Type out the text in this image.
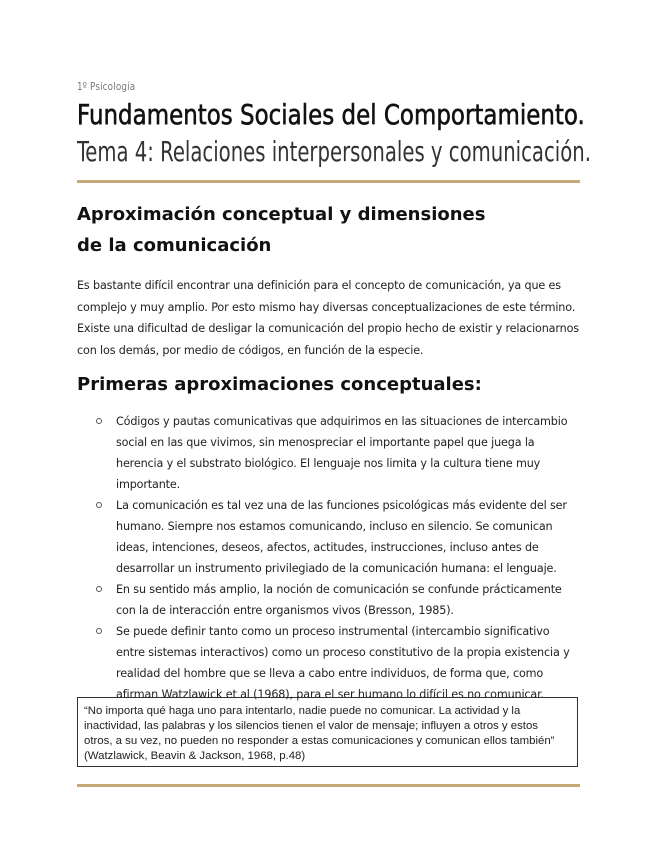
1º Psicología
Fundamentos Sociales del Comportamiento.
Tema 4: Relaciones interpersonales y comunicación.
Aproximación conceptual y dimensiones de la comunicación

Es bastante difícil encontrar una definición para el concepto de comunicación, ya que es complejo y muy amplio. Por esto mismo hay diversas conceptualizaciones de este término. Existe una dificultad de desligar la comunicación del propio hecho de existir y relacionarnos con los demás, por medio de códigos, en función de la especie.

Primeras aproximaciones conceptuales:
Códigos y pautas comunicativas que adquirimos en las situaciones de intercambio social en las que vivimos, sin menospreciar el importante papel que juega la herencia y el substrato biológico. El lenguaje nos limita y la cultura tiene muy importante.
La comunicación es tal vez una de las funciones psicológicas más evidente del ser humano. Siempre nos estamos comunicando, incluso en silencio. Se comunican ideas, intenciones, deseos, afectos, actitudes, instrucciones, incluso antes de desarrollar un instrumento privilegiado de la comunicación humana: el lenguaje.
En su sentido más amplio, la noción de comunicación se confunde prácticamente con la de interacción entre organismos vivos (Bresson, 1985).
Se puede definir tanto como un proceso instrumental (intercambio significativo entre sistemas interactivos) como un proceso constitutivo de la propia existencia y realidad del hombre que se lleva a cabo entre individuos, de forma que, como afirman Watzlawick et al (1968), para el ser humano lo difícil es no comunicar.
“No importa qué haga uno para intentarlo, nadie puede no comunicar. La actividad y la inactividad, las palabras y los silencios tienen el valor de mensaje; influyen a otros y estos otros, a su vez, no pueden no responder a estas comunicaciones y comunican ellos también” (Watzlawick, Beavin & Jackson, 1968, p.48)
